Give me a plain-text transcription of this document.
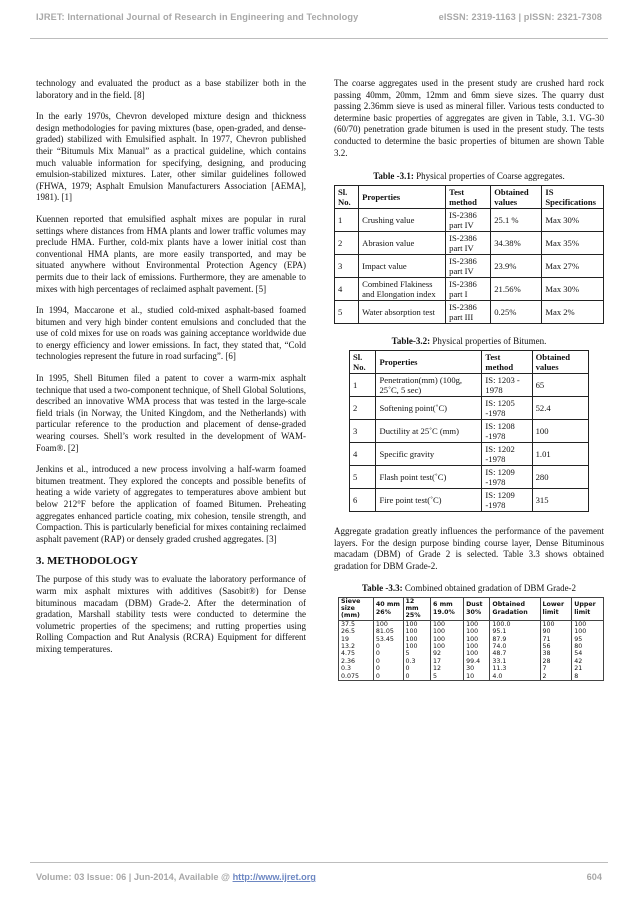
IJRET: International Journal of Research in Engineering and Technology	eISSN: 2319-1163 | pISSN: 2321-7308

technology and evaluated the product as a base stabilizer both in the laboratory and in the field. [8]

In the early 1970s, Chevron developed mixture design and thickness design methodologies for paving mixtures (base, open-graded, and dense-graded) stabilized with Emulsified asphalt. In 1977, Chevron published their “Bitumuls Mix Manual” as a practical guideline, which contains much valuable information for specifying, designing, and producing emulsion-stabilized mixtures. Later, other similar guidelines followed (FHWA, 1979; Asphalt Emulsion Manufacturers Association [AEMA], 1981). [1]

Kuennen reported that emulsified asphalt mixes are popular in rural settings where distances from HMA plants and lower traffic volumes may preclude HMA. Further, cold-mix plants have a lower initial cost than conventional HMA plants, are more easily transported, and may be situated anywhere without Environmental Protection Agency (EPA) permits due to their lack of emissions. Furthermore, they are amenable to mixes with high percentages of reclaimed asphalt pavement. [5]

In 1994, Maccarone et al., studied cold-mixed asphalt-based foamed bitumen and very high binder content emulsions and concluded that the use of cold mixes for use on roads was gaining acceptance worldwide due to energy efficiency and lower emissions. In fact, they stated that, “Cold technologies represent the future in road surfacing”. [6]

In 1995, Shell Bitumen filed a patent to cover a warm-mix asphalt technique that used a two-component technique, of Shell Global Solutions, described an innovative WMA process that was tested in the large-scale field trials (in Norway, the United Kingdom, and the Netherlands) with particular reference to the production and placement of dense-graded wearing courses. Shell’s work resulted in the development of WAM-Foam®. [2]

Jenkins et al., introduced a new process involving a half-warm foamed bitumen treatment. They explored the concepts and possible benefits of heating a wide variety of aggregates to temperatures above ambient but below 212°F before the application of foamed Bitumen. Preheating aggregates enhanced particle coating, mix cohesion, tensile strength, and Compaction. This is particularly beneficial for mixes containing reclaimed asphalt pavement (RAP) or densely graded crushed aggregates. [3]

3. METHODOLOGY

The purpose of this study was to evaluate the laboratory performance of warm mix asphalt mixtures with additives (Sasobit®) for Dense bituminous macadam (DBM) Grade-2. After the determination of gradation, Marshall stability tests were conducted to determine the volumetric properties of the specimens; and rutting properties using Rolling Compaction and Rut Analysis (RCRA) Equipment for different mixing temperatures.

The coarse aggregates used in the present study are crushed hard rock passing 40mm, 20mm, 12mm and 6mm sieve sizes. The quarry dust passing 2.36mm sieve is used as mineral filler. Various tests conducted to determine basic properties of aggregates are given in Table, 3.1. VG-30 (60/70) penetration grade bitumen is used in the present study. The tests conducted to determine the basic properties of bitumen are shown Table 3.2.

Table -3.1: Physical properties of Coarse aggregates.
Sl. No.	Properties	Test method	Obtained values	IS Specifications
1	Crushing value	IS-2386 part IV	25.1 %	Max 30%
2	Abrasion value	IS-2386 part IV	34.38%	Max 35%
3	Impact value	IS-2386 part IV	23.9%	Max 27%
4	Combined Flakiness and Elongation index	IS-2386 part I	21.56%	Max 30%
5	Water absorption test	IS-2386 part III	0.25%	Max 2%
Table-3.2: Physical properties of Bitumen.
Sl. No.	Properties	Test method	Obtained values
1	Penetration(mm) (100g, 25˚C, 5 sec)	IS: 1203 - 1978	65
2	Softening point(˚C)	IS: 1205 -1978	52.4
3	Ductility at 25˚C (mm)	IS: 1208 -1978	100
4	Specific gravity	IS: 1202 -1978	1.01
5	Flash point test(˚C)	IS: 1209 -1978	280
6	Fire point test(˚C)	IS: 1209 -1978	315

Aggregate gradation greatly influences the performance of the pavement layers. For the design purpose binding course layer, Dense Bituminous macadam (DBM) of Grade 2 is selected. Table 3.3 shows obtained gradation for DBM Grade-2.

Table -3.3: Combined obtained gradation of DBM Grade-2
Sieve size (mm)	40 mm 26%	12 mm 25%	6 mm 19.0%	Dust 30%	Obtained Gradation	Lower limit	Upper limit
37.5	100	100	100	100	100.0	100	100
26.5	81.05	100	100	100	95.1	90	100
19	53.45	100	100	100	87.9	71	95
13.2	0	100	100	100	74.0	56	80
4.75	0	5	92	100	48.7	38	54
2.36	0	0.3	17	99.4	33.1	28	42
0.3	0	0	12	30	11.3	7	21
0.075	0	0	5	10	4.0	2	8
Volume: 03 Issue: 06 | Jun-2014, Available @ http://www.ijret.org	604
